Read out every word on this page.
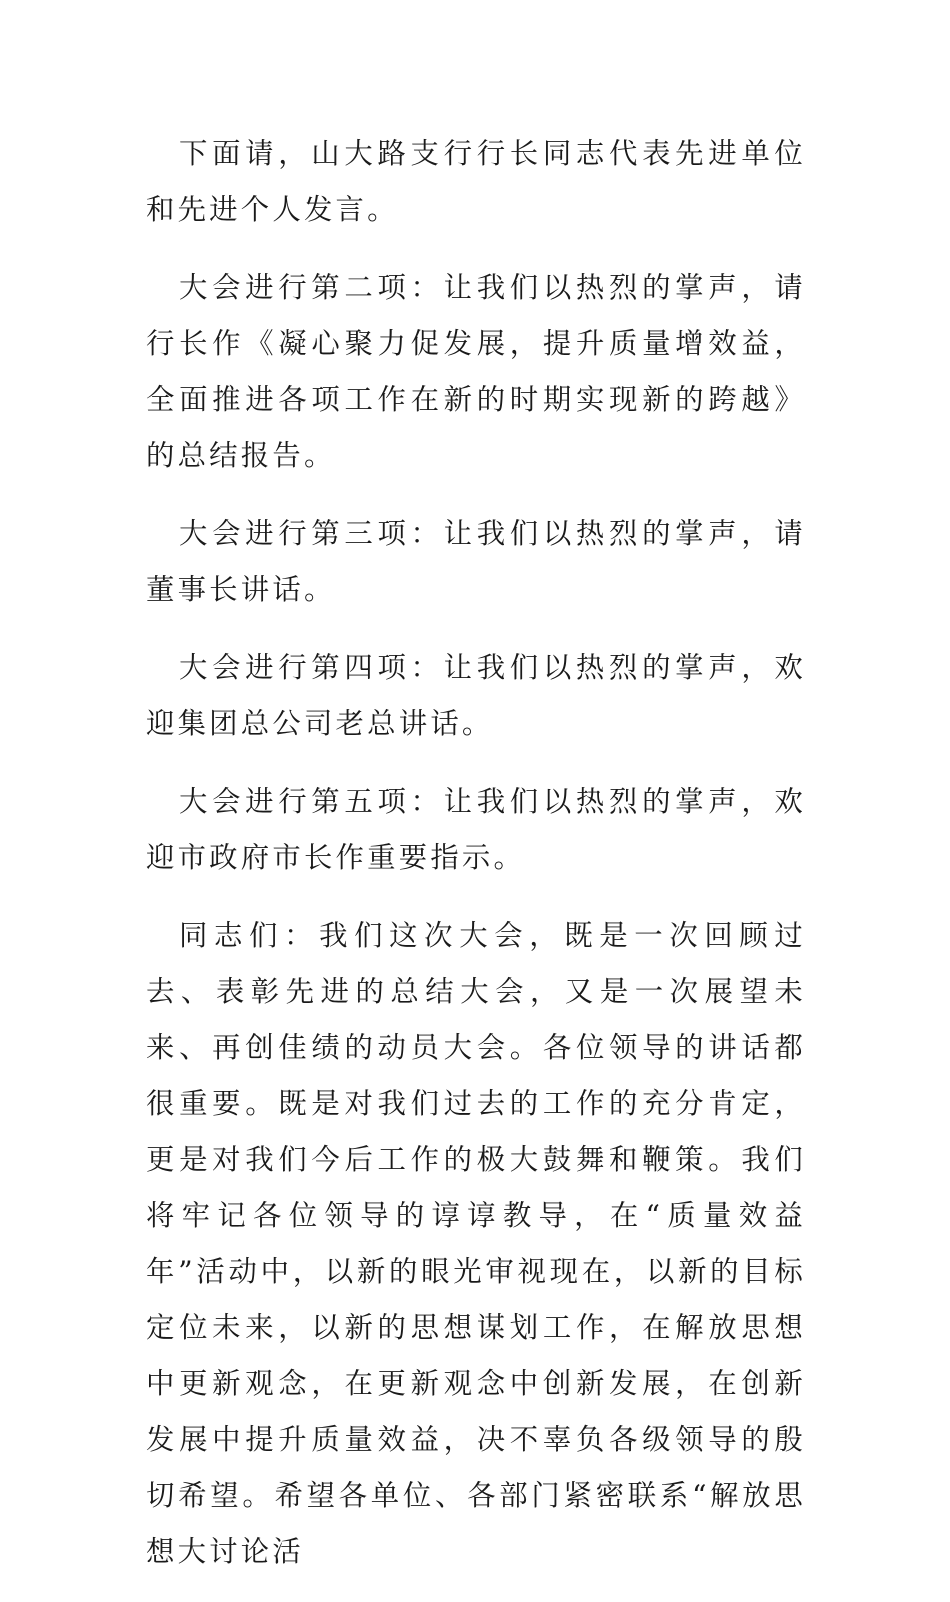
下面请，山大路支行行长同志代表先进单位和先进个人发言。

大会进行第二项：让我们以热烈的掌声，请行长作《凝心聚力促发展，提升质量增效益，全面推进各项工作在新的时期实现新的跨越》的总结报告。

大会进行第三项：让我们以热烈的掌声，请董事长讲话。

大会进行第四项：让我们以热烈的掌声，欢迎集团总公司老总讲话。

大会进行第五项：让我们以热烈的掌声，欢迎市政府市长作重要指示。

同志们：我们这次大会，既是一次回顾过去、表彰先进的总结大会，又是一次展望未来、再创佳绩的动员大会。各位领导的讲话都很重要。既是对我们过去的工作的充分肯定，更是对我们今后工作的极大鼓舞和鞭策。我们将牢记各位领导的谆谆教导，在“质量效益年”活动中，以新的眼光审视现在，以新的目标定位未来，以新的思想谋划工作，在解放思想中更新观念，在更新观念中创新发展，在创新发展中提升质量效益，决不辜负各级领导的殷切希望。希望各单位、各部门紧密联系“解放思想大讨论活
